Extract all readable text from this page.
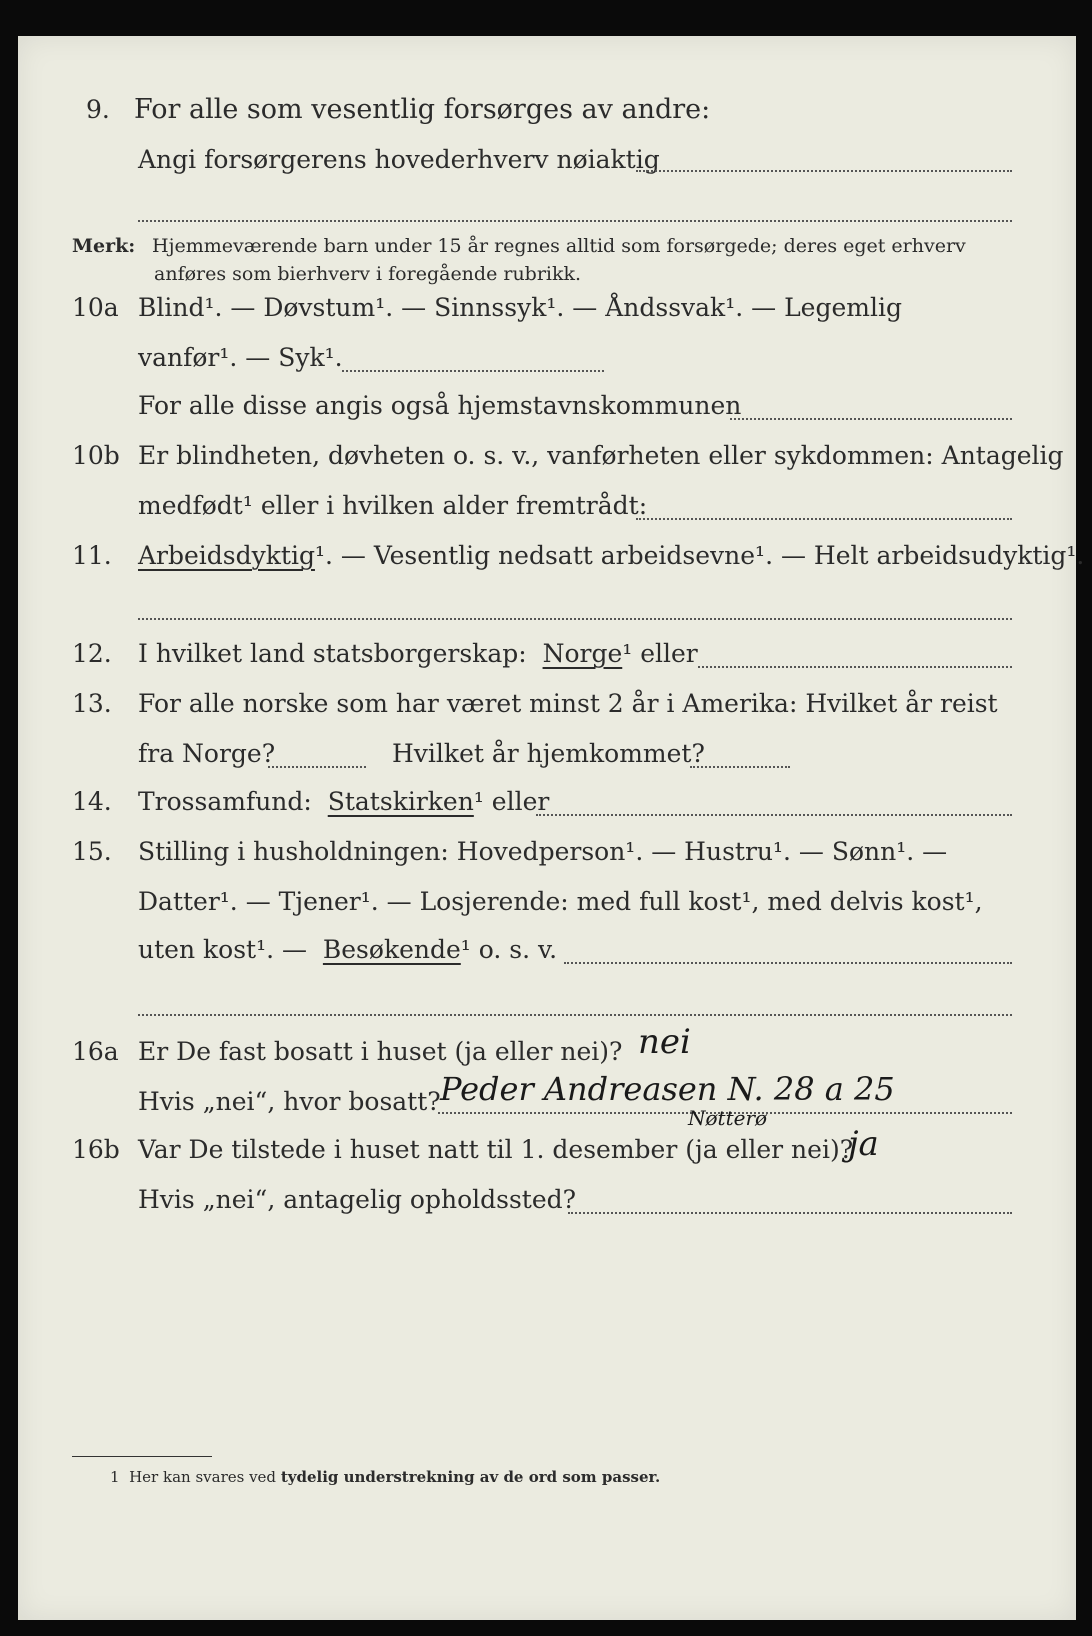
9. For alle som vesentlig forsørges av andre:
Angi forsørgerens hovederhverv nøiaktig
Merk: Hjemmeværende barn under 15 år regnes alltid som forsørgede; deres eget erhverv
anføres som bierhverv i foregående rubrikk.
10a Blind¹. — Døvstum¹. — Sinnssyk¹. — Åndssvak¹. — Legemlig
vanfør¹. — Syk¹.
For alle disse angis også hjemstavnskommunen
10b Er blindheten, døvheten o. s. v., vanførheten eller sykdommen: Antagelig
medfødt¹ eller i hvilken alder fremtrådt:
11. Arbeidsdyktig¹. — Vesentlig nedsatt arbeidsevne¹. — Helt arbeidsudyktig¹.
12. I hvilket land statsborgerskap: Norge¹ eller
13. For alle norske som har været minst 2 år i Amerika: Hvilket år reist
fra Norge?	Hvilket år hjemkommet?
14. Trossamfund: Statskirken¹ eller
15. Stilling i husholdningen: Hovedperson¹. — Hustru¹. — Sønn¹. —
Datter¹. — Tjener¹. — Losjerende: med full kost¹, med delvis kost¹,
uten kost¹. — Besøkende¹ o. s. v.
16a Er De fast bosatt i huset (ja eller nei)? nei
Hvis „nei“, hvor bosatt? Peder Andreasen N. 28 a 25
Nøtterø
16b Var De tilstede i huset natt til 1. desember (ja eller nei)?
ja
Hvis „nei“, antagelig opholdssted?
1 Her kan svares ved tydelig understrekning av de ord som passer.
